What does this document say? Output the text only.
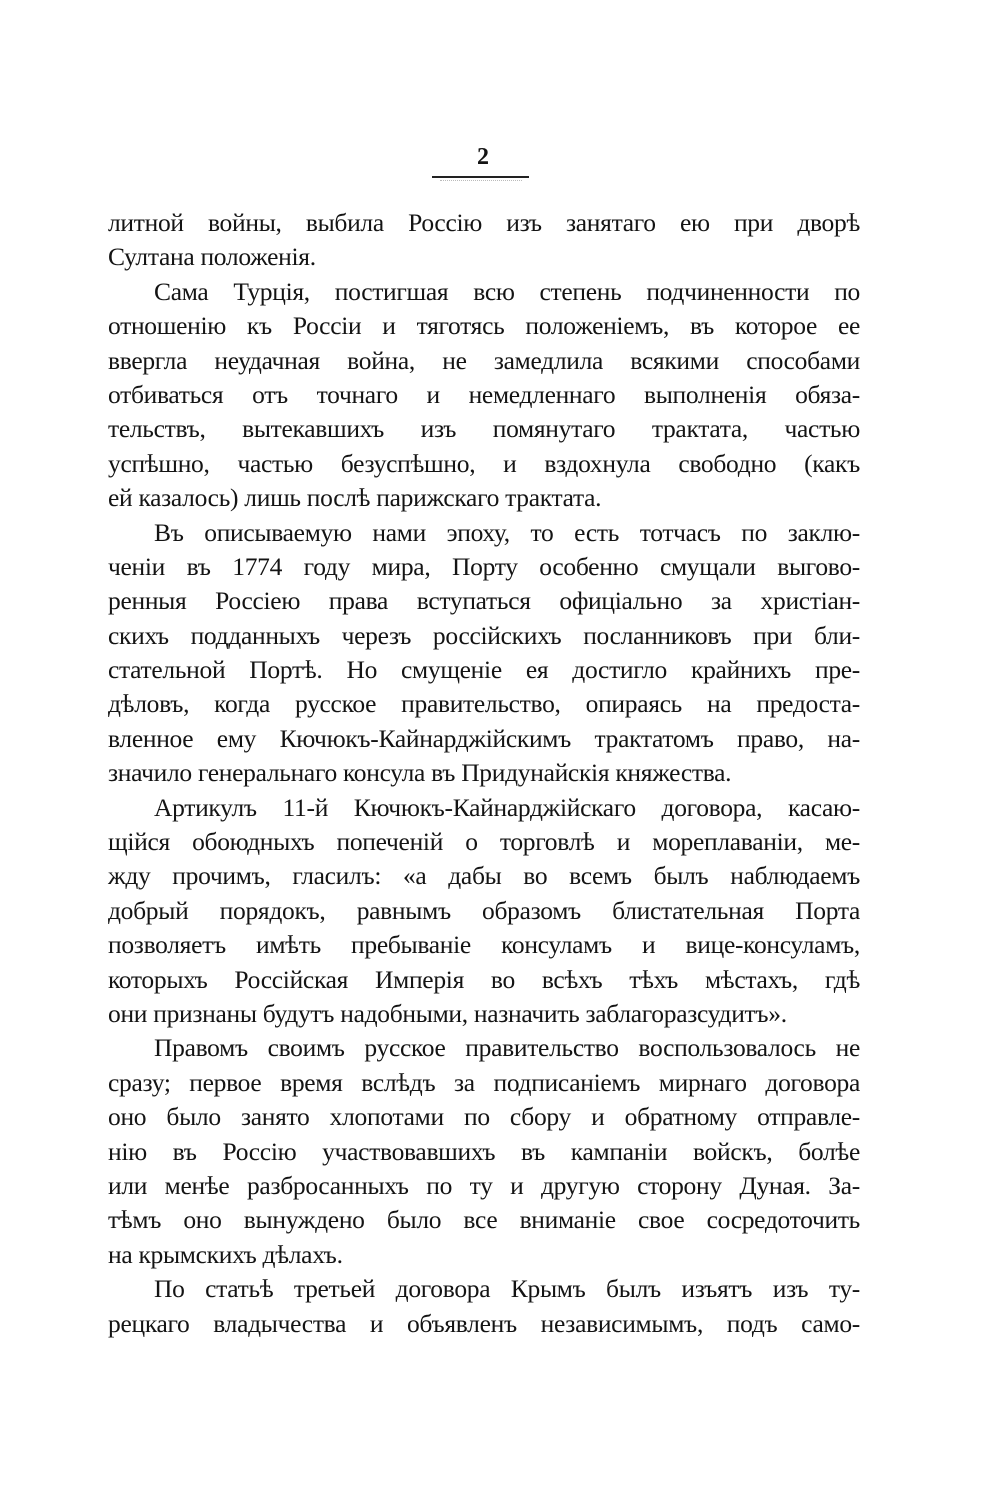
2
литной войны, выбила Россію изъ занятаго ею при дворѣ
Султана положенія.
Сама Турція, постигшая всю степень подчиненности по
отношенію къ Россіи и тяготясь положеніемъ, въ которое ее
ввергла неудачная война, не замедлила всякими способами
отбиваться отъ точнаго и немедленнаго выполненія обяза-
тельствъ, вытекавшихъ изъ помянутаго трактата, частью
успѣшно, частью безуспѣшно, и вздохнула свободно (какъ
ей казалось) лишь послѣ парижскаго трактата.
Въ описываемую нами эпоху, то есть тотчасъ по заклю-
ченіи въ 1774 году мира, Порту особенно смущали выгово-
ренныя Россіею права вступаться офиціально за христіан-
скихъ подданныхъ черезъ россійскихъ посланниковъ при бли-
стательной Портѣ. Но смущеніе ея достигло крайнихъ пре-
дѣловъ, когда русское правительство, опираясь на предоста-
вленное ему Кючюкъ-Кайнарджійскимъ трактатомъ право, на-
значило генеральнаго консула въ Придунайскія княжества.
Артикулъ 11-й Кючюкъ-Кайнарджійскаго договора, касаю-
щійся обоюдныхъ попеченій о торговлѣ и мореплаваніи, ме-
жду прочимъ, гласилъ: «а дабы во всемъ былъ наблюдаемъ
добрый порядокъ, равнымъ образомъ блистательная Порта
позволяетъ имѣть пребываніе консуламъ и вице-консуламъ,
которыхъ Россійская Имперія во всѣхъ тѣхъ мѣстахъ, гдѣ
они признаны будутъ надобными, назначить заблагоразсудитъ».
Правомъ своимъ русское правительство воспользовалось не
сразу; первое время вслѣдъ за подписаніемъ мирнаго договора
оно было занято хлопотами по сбору и обратному отправле-
нію въ Россію участвовавшихъ въ кампаніи войскъ, болѣе
или менѣе разбросанныхъ по ту и другую сторону Дуная. За-
тѣмъ оно вынуждено было все вниманіе свое сосредоточить
на крымскихъ дѣлахъ.
По статьѣ третьей договора Крымъ былъ изъятъ изъ ту-
рецкаго владычества и объявленъ независимымъ, подъ само-
